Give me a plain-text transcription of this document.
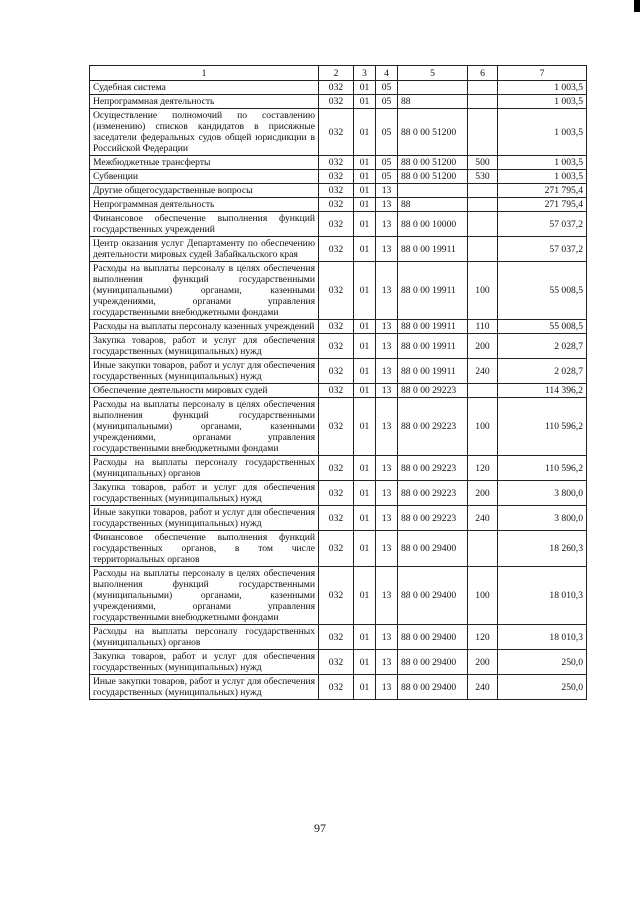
1	2	3	4	5	6	7
Судебная система	032	01	05			1 003,5
Непрограммная деятельность	032	01	05	88		1 003,5
Осуществление полномочий по составлению (изменению) списков кандидатов в присяжные заседатели федеральных судов общей юрисдикции в Российской Федерации	032	01	05	88 0 00 51200		1 003,5
Межбюджетные трансферты	032	01	05	88 0 00 51200	500	1 003,5
Субвенции	032	01	05	88 0 00 51200	530	1 003,5
Другие общегосударственные вопросы	032	01	13			271 795,4
Непрограммная деятельность	032	01	13	88		271 795,4
Финансовое обеспечение выполнения функций государственных учреждений	032	01	13	88 0 00 10000		57 037,2
Центр оказания услуг Департаменту по обеспечению деятельности мировых судей Забайкальского края	032	01	13	88 0 00 19911		57 037,2
Расходы на выплаты персоналу в целях обеспечения выполнения функций государственными (муниципальными) органами, казенными учреждениями, органами управления государственными внебюджетными фондами	032	01	13	88 0 00 19911	100	55 008,5
Расходы на выплаты персоналу казенных учреждений	032	01	13	88 0 00 19911	110	55 008,5
Закупка товаров, работ и услуг для обеспечения государственных (муниципальных) нужд	032	01	13	88 0 00 19911	200	2 028,7
Иные закупки товаров, работ и услуг для обеспечения государственных (муниципальных) нужд	032	01	13	88 0 00 19911	240	2 028,7
Обеспечение деятельности мировых судей	032	01	13	88 0 00 29223		114 396,2
Расходы на выплаты персоналу в целях обеспечения выполнения функций государственными (муниципальными) органами, казенными учреждениями, органами управления государственными внебюджетными фондами	032	01	13	88 0 00 29223	100	110 596,2
Расходы на выплаты персоналу государственных (муниципальных) органов	032	01	13	88 0 00 29223	120	110 596,2
Закупка товаров, работ и услуг для обеспечения государственных (муниципальных) нужд	032	01	13	88 0 00 29223	200	3 800,0
Иные закупки товаров, работ и услуг для обеспечения государственных (муниципальных) нужд	032	01	13	88 0 00 29223	240	3 800,0
Финансовое обеспечение выполнения функций государственных органов, в том числе территориальных органов	032	01	13	88 0 00 29400		18 260,3
Расходы на выплаты персоналу в целях обеспечения выполнения функций государственными (муниципальными) органами, казенными учреждениями, органами управления государственными внебюджетными фондами	032	01	13	88 0 00 29400	100	18 010,3
Расходы на выплаты персоналу государственных (муниципальных) органов	032	01	13	88 0 00 29400	120	18 010,3
Закупка товаров, работ и услуг для обеспечения государственных (муниципальных) нужд	032	01	13	88 0 00 29400	200	250,0
Иные закупки товаров, работ и услуг для обеспечения государственных (муниципальных) нужд	032	01	13	88 0 00 29400	240	250,0
97
